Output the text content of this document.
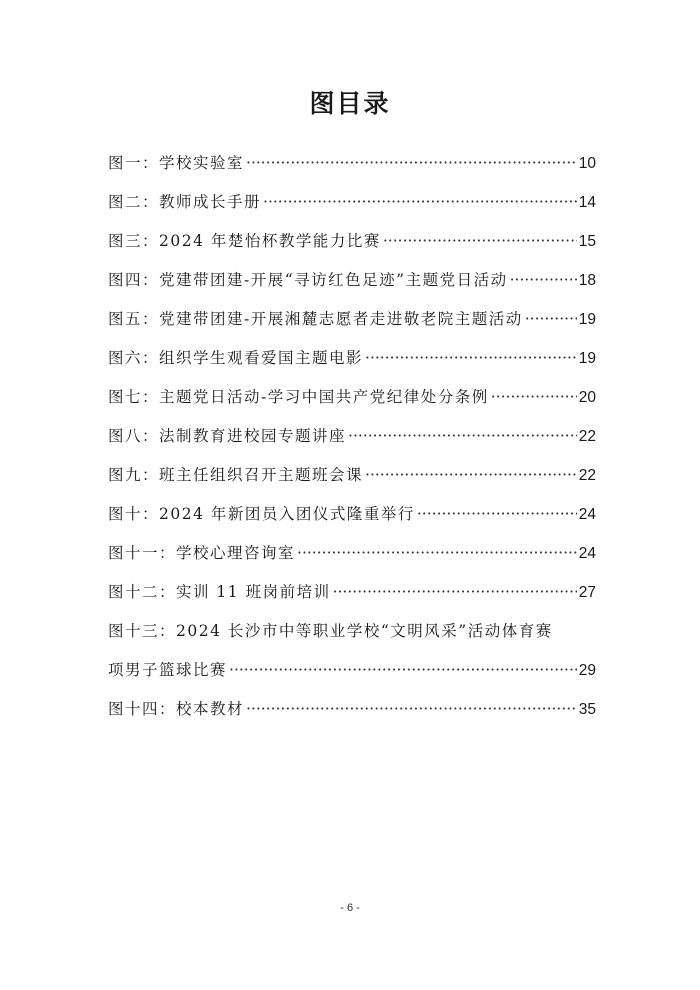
图目录
图一：学校实验室 ·····	10
图二：教师成长手册 ·····	14
图三：2024 年楚怡杯教学能力比赛 ·····	15
图四：党建带团建-开展“寻访红色足迹”主题党日活动 ·····	18
图五：党建带团建-开展湘麓志愿者走进敬老院主题活动 ·····	19
图六：组织学生观看爱国主题电影 ·····	19
图七：主题党日活动-学习中国共产党纪律处分条例 ·····	20
图八：法制教育进校园专题讲座 ·····	22
图九：班主任组织召开主题班会课 ·····	22
图十：2024 年新团员入团仪式隆重举行 ·····	24
图十一：学校心理咨询室 ·····	24
图十二：实训 11 班岗前培训 ·····	27
图十三：2024 长沙市中等职业学校“文明风采”活动体育赛
项男子篮球比赛 ·····	29
图十四：校本教材 ·····	35
- 6 -
